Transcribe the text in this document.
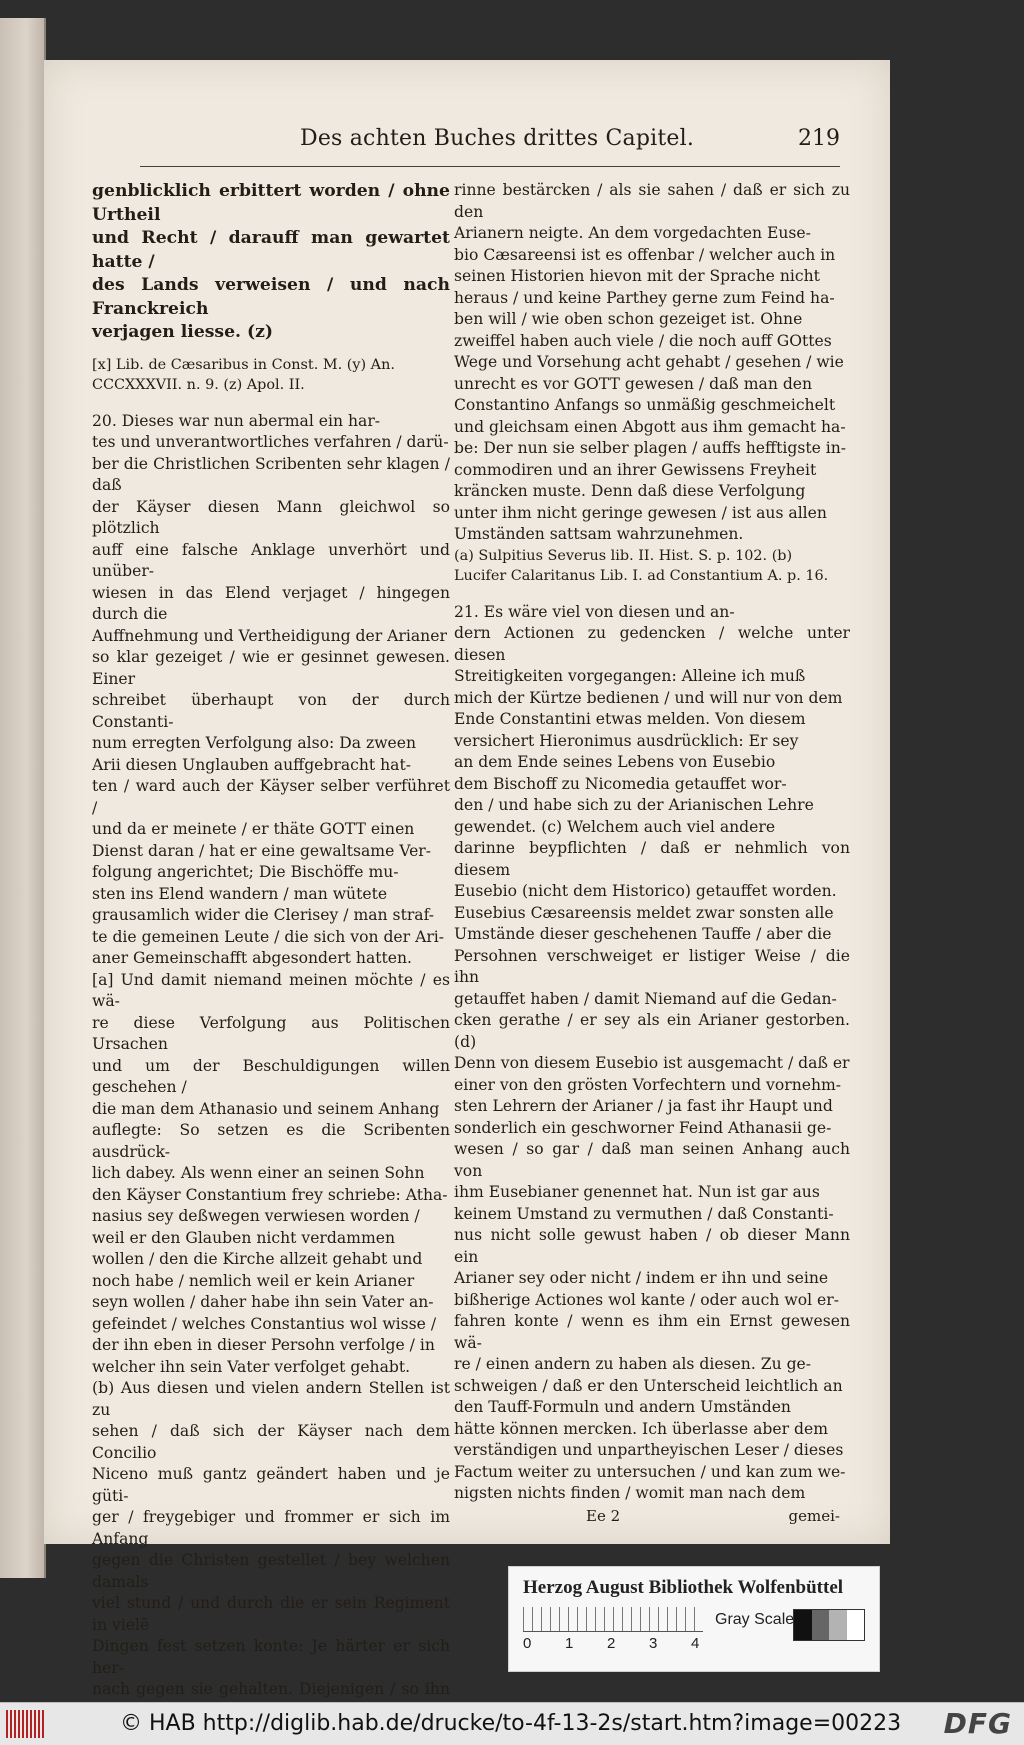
Des achten Buches drittes Capitel.	219
genblicklich erbittert worden / ohne Urtheil
und Recht / darauff man gewartet hatte /
des Lands verweisen / und nach Franckreich
verjagen liesse. (z)
[x] Lib. de Cæsaribus in Const. M. (y) An.
CCCXXXVII. n. 9. (z) Apol. II.
20. Dieses war nun abermal ein har-
tes und unverantwortliches verfahren / darü-
ber die Christlichen Scribenten sehr klagen / daß
der Käyser diesen Mann gleichwol so plötzlich
auff eine falsche Anklage unverhört und unüber-
wiesen in das Elend verjaget / hingegen durch die
Auffnehmung und Vertheidigung der Arianer
so klar gezeiget / wie er gesinnet gewesen. Einer
schreibet überhaupt von der durch Constanti-
num erregten Verfolgung also: Da zween
Arii diesen Unglauben auffgebracht hat-
ten / ward auch der Käyser selber verführet /
und da er meinete / er thäte GOTT einen
Dienst daran / hat er eine gewaltsame Ver-
folgung angerichtet; Die Bischöffe mu-
sten ins Elend wandern / man wütete
grausamlich wider die Clerisey / man straf-
te die gemeinen Leute / die sich von der Ari-
aner Gemeinschafft abgesondert hatten.
[a] Und damit niemand meinen möchte / es wä-
re diese Verfolgung aus Politischen Ursachen
und um der Beschuldigungen willen geschehen /
die man dem Athanasio und seinem Anhang
auflegte: So setzen es die Scribenten ausdrück-
lich dabey. Als wenn einer an seinen Sohn
den Käyser Constantium frey schriebe: Atha-
nasius sey deßwegen verwiesen worden /
weil er den Glauben nicht verdammen
wollen / den die Kirche allzeit gehabt und
noch habe / nemlich weil er kein Arianer
seyn wollen / daher habe ihn sein Vater an-
gefeindet / welches Constantius wol wisse /
der ihn eben in dieser Persohn verfolge / in
welcher ihn sein Vater verfolget gehabt.
(b) Aus diesen und vielen andern Stellen ist zu
sehen / daß sich der Käyser nach dem Concilio
Niceno muß gantz geändert haben und je güti-
ger / freygebiger und frommer er sich im Anfang
gegen die Christen gestellet / bey welchen damals
viel stund / und durch die er sein Regiment in vielē
Dingen fest setzen konte: Je härter er sich her-
nach gegen sie gehalten. Diejenigen / so ihn
rinne bestärcken / als sie sahen / daß er sich zu den
Arianern neigte. An dem vorgedachten Euse-
bio Cæsareensi ist es offenbar / welcher auch in
seinen Historien hievon mit der Sprache nicht
heraus / und keine Parthey gerne zum Feind ha-
ben will / wie oben schon gezeiget ist. Ohne
zweiffel haben auch viele / die noch auff GOttes
Wege und Vorsehung acht gehabt / gesehen / wie
unrecht es vor GOTT gewesen / daß man den
Constantino Anfangs so unmäßig geschmeichelt
und gleichsam einen Abgott aus ihm gemacht ha-
be: Der nun sie selber plagen / auffs hefftigste in-
commodiren und an ihrer Gewissens Freyheit
kräncken muste. Denn daß diese Verfolgung
unter ihm nicht geringe gewesen / ist aus allen
Umständen sattsam wahrzunehmen.
(a) Sulpitius Severus lib. II. Hist. S. p. 102. (b)
Lucifer Calaritanus Lib. I. ad Constantium A. p. 16.
21. Es wäre viel von diesen und an-
dern Actionen zu gedencken / welche unter diesen
Streitigkeiten vorgegangen: Alleine ich muß
mich der Kürtze bedienen / und will nur von dem
Ende Constantini etwas melden. Von diesem
versichert Hieronimus ausdrücklich: Er sey
an dem Ende seines Lebens von Eusebio
dem Bischoff zu Nicomedia getauffet wor-
den / und habe sich zu der Arianischen Lehre
gewendet. (c) Welchem auch viel andere
darinne beypflichten / daß er nehmlich von diesem
Eusebio (nicht dem Historico) getauffet worden.
Eusebius Cæsareensis meldet zwar sonsten alle
Umstände dieser geschehenen Tauffe / aber die
Persohnen verschweiget er listiger Weise / die ihn
getauffet haben / damit Niemand auf die Gedan-
cken gerathe / er sey als ein Arianer gestorben. (d)
Denn von diesem Eusebio ist ausgemacht / daß er
einer von den grösten Vorfechtern und vornehm-
sten Lehrern der Arianer / ja fast ihr Haupt und
sonderlich ein geschworner Feind Athanasii ge-
wesen / so gar / daß man seinen Anhang auch von
ihm Eusebianer genennet hat. Nun ist gar aus
keinem Umstand zu vermuthen / daß Constanti-
nus nicht solle gewust haben / ob dieser Mann ein
Arianer sey oder nicht / indem er ihn und seine
bißherige Actiones wol kante / oder auch wol er-
fahren konte / wenn es ihm ein Ernst gewesen wä-
re / einen andern zu haben als diesen. Zu ge-
schweigen / daß er den Unterscheid leichtlich an
den Tauff-Formuln und andern Umständen
hätte können mercken. Ich überlasse aber dem
verständigen und unpartheyischen Leser / dieses
Factum weiter zu untersuchen / und kan zum we-
nigsten nichts finden / womit man nach dem
Ee 2	gemei-
Herzog August Bibliothek Wolfenbüttel
0 1 2 3 4
Gray Scale
© HAB http://diglib.hab.de/drucke/to-4f-13-2s/start.htm?image=00223 DFG
